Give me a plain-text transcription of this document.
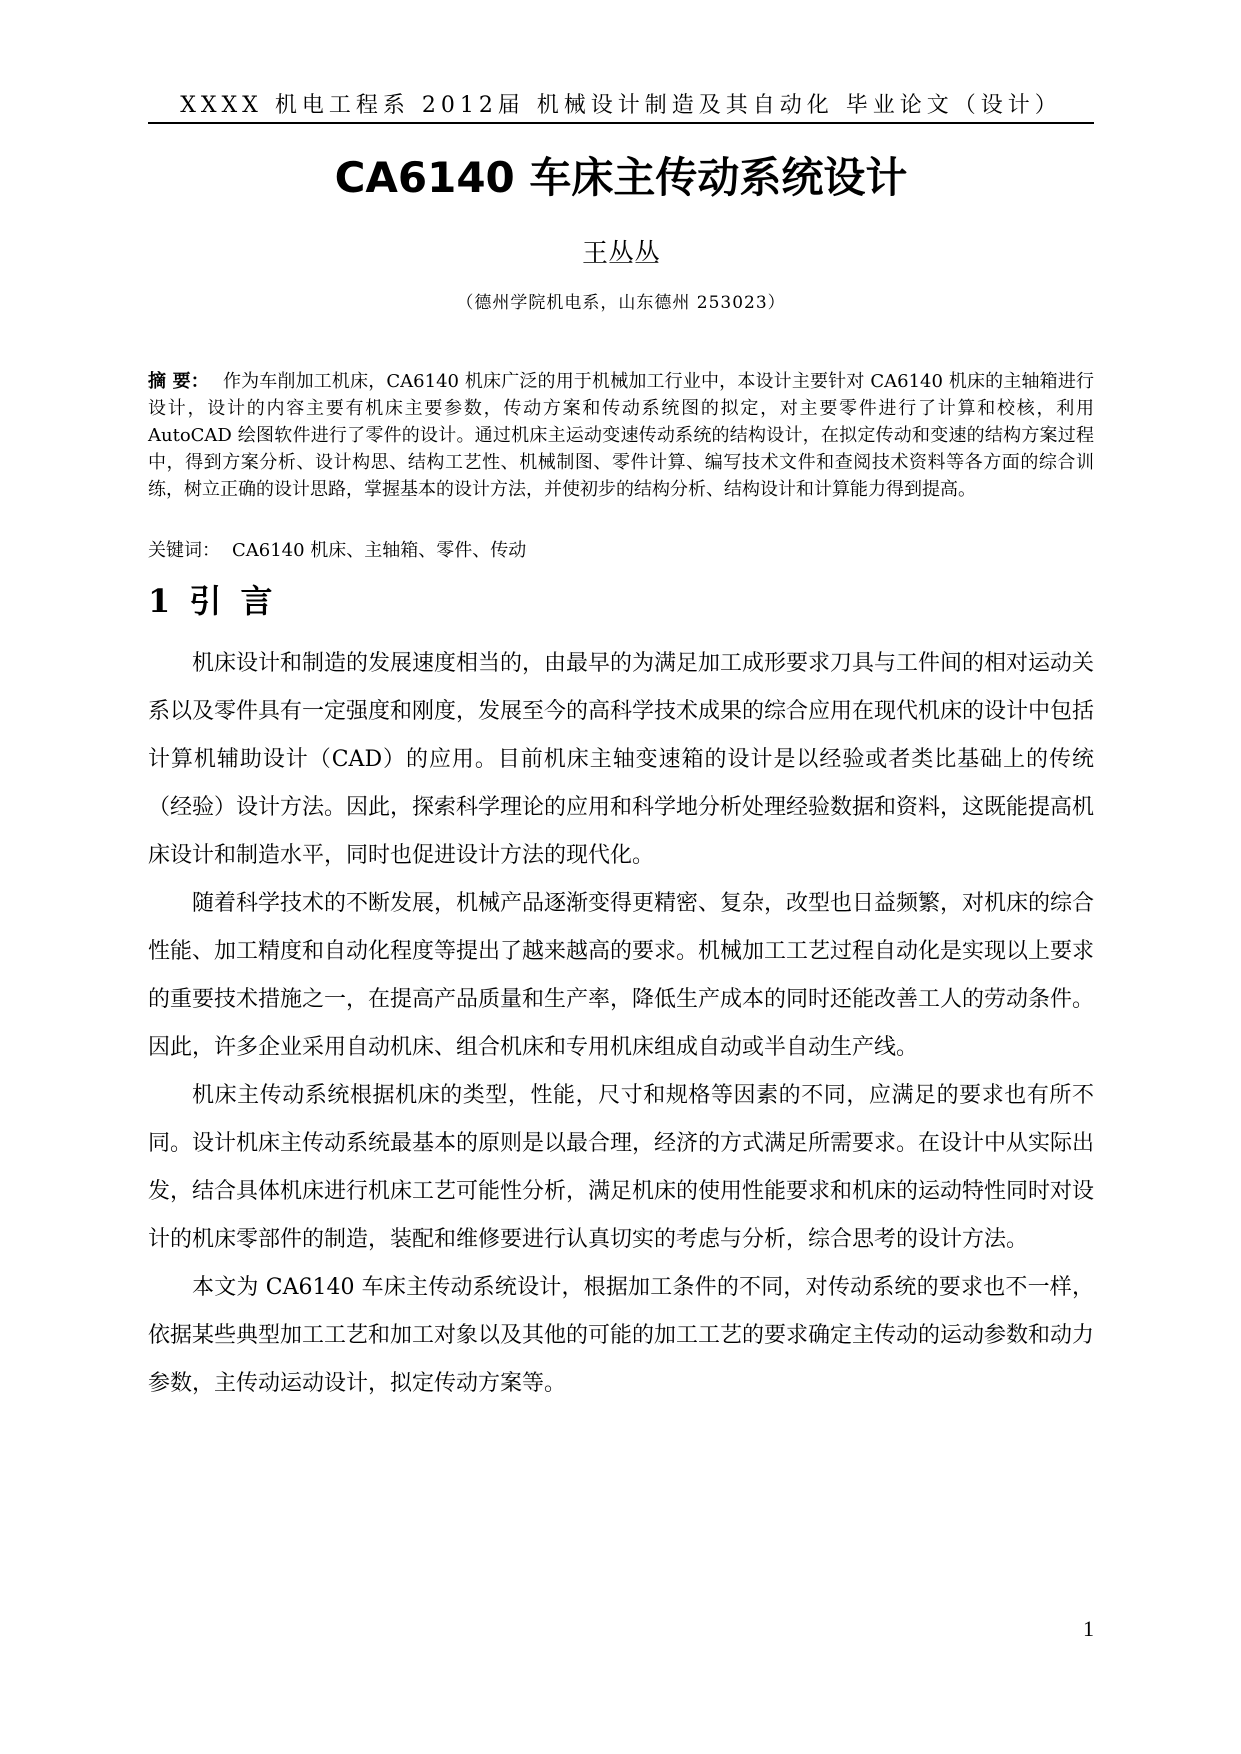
XXXX 机电工程系 2012届 机械设计制造及其自动化 毕业论文（设计）
CA6140 车床主传动系统设计
王丛丛
（德州学院机电系，山东德州 253023）

摘 要： 作为车削加工机床，CA6140 机床广泛的用于机械加工行业中，本设计主要针对 CA6140 机床的主轴箱进行设计，设计的内容主要有机床主要参数，传动方案和传动系统图的拟定，对主要零件进行了计算和校核，利用 AutoCAD 绘图软件进行了零件的设计。通过机床主运动变速传动系统的结构设计，在拟定传动和变速的结构方案过程中，得到方案分析、设计构思、结构工艺性、机械制图、零件计算、编写技术文件和查阅技术资料等各方面的综合训练，树立正确的设计思路，掌握基本的设计方法，并使初步的结构分析、结构设计和计算能力得到提高。

关键词： CA6140 机床、主轴箱、零件、传动

1 引 言

机床设计和制造的发展速度相当的，由最早的为满足加工成形要求刀具与工件间的相对运动关系以及零件具有一定强度和刚度，发展至今的高科学技术成果的综合应用在现代机床的设计中包括计算机辅助设计（CAD）的应用。目前机床主轴变速箱的设计是以经验或者类比基础上的传统（经验）设计方法。因此，探索科学理论的应用和科学地分析处理经验数据和资料，这既能提高机床设计和制造水平，同时也促进设计方法的现代化。

随着科学技术的不断发展，机械产品逐渐变得更精密、复杂，改型也日益频繁，对机床的综合性能、加工精度和自动化程度等提出了越来越高的要求。机械加工工艺过程自动化是实现以上要求的重要技术措施之一，在提高产品质量和生产率，降低生产成本的同时还能改善工人的劳动条件。因此，许多企业采用自动机床、组合机床和专用机床组成自动或半自动生产线。

机床主传动系统根据机床的类型，性能，尺寸和规格等因素的不同，应满足的要求也有所不同。设计机床主传动系统最基本的原则是以最合理，经济的方式满足所需要求。在设计中从实际出发，结合具体机床进行机床工艺可能性分析，满足机床的使用性能要求和机床的运动特性同时对设计的机床零部件的制造，装配和维修要进行认真切实的考虑与分析，综合思考的设计方法。

本文为 CA6140 车床主传动系统设计，根据加工条件的不同，对传动系统的要求也不一样，依据某些典型加工工艺和加工对象以及其他的可能的加工工艺的要求确定主传动的运动参数和动力参数，主传动运动设计，拟定传动方案等。

1
